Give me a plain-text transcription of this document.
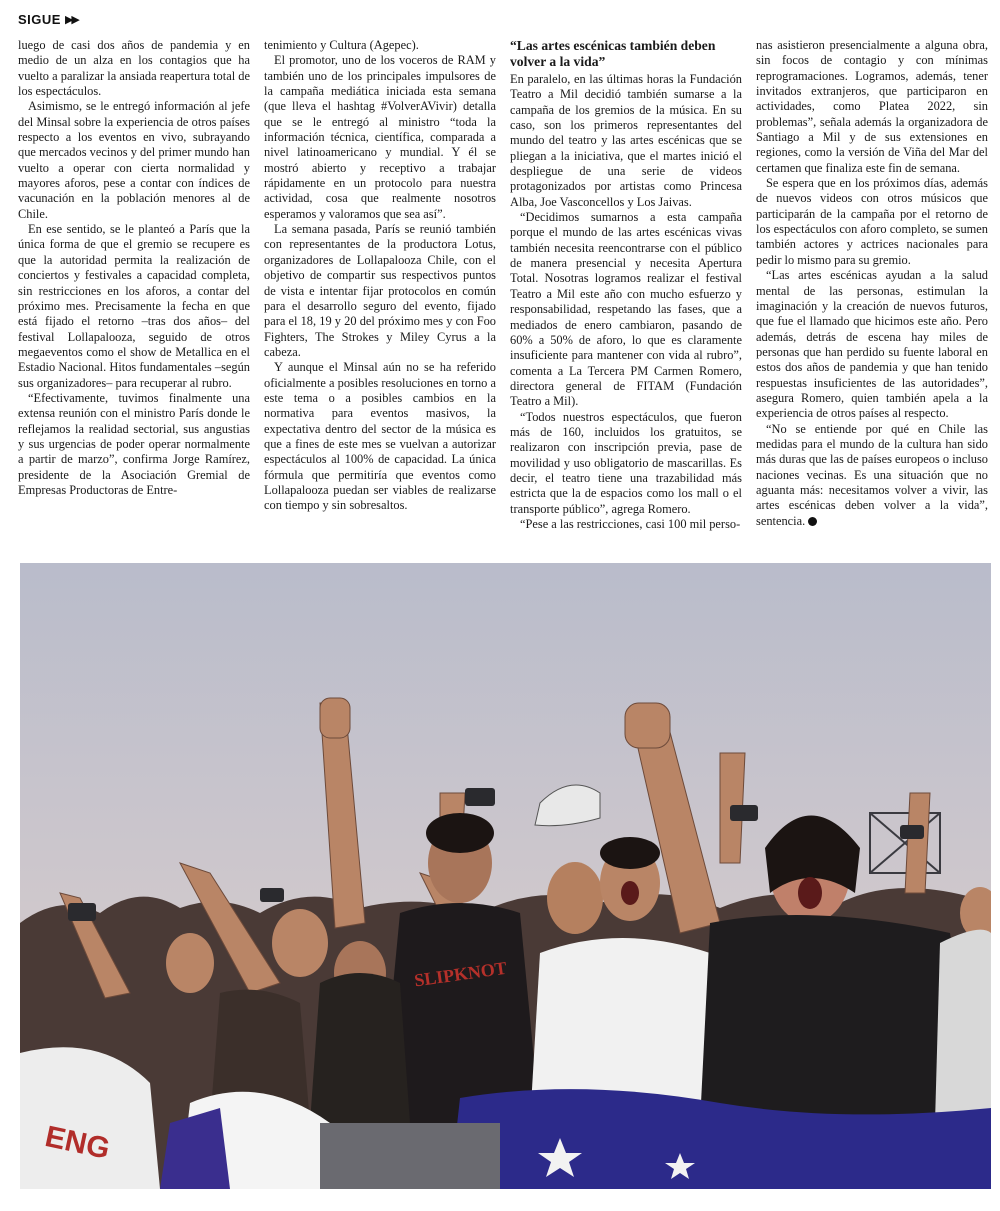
SIGUE ▶▶

luego de casi dos años de pandemia y en medio de un alza en los contagios que ha vuelto a paralizar la ansiada reapertura total de los espectáculos.

Asimismo, se le entregó información al jefe del Minsal sobre la experiencia de otros países respecto a los eventos en vivo, subrayando que mercados vecinos y del primer mundo han vuelto a operar con cierta normalidad y mayores aforos, pese a contar con índices de vacunación en la población menores al de Chile.

En ese sentido, se le planteó a París que la única forma de que el gremio se recupere es que la autoridad permita la realización de conciertos y festivales a capacidad completa, sin restricciones en los aforos, a contar del próximo mes. Precisamente la fecha en que está fijado el retorno –tras dos años– del festival Lollapalooza, seguido de otros megaeventos como el show de Metallica en el Estadio Nacional. Hitos fundamentales –según sus organizadores– para recuperar al rubro.

“Efectivamente, tuvimos finalmente una extensa reunión con el ministro París donde le reflejamos la realidad sectorial, sus angustias y sus urgencias de poder operar normalmente a partir de marzo”, confirma Jorge Ramírez, presidente de la Asociación Gremial de Empresas Productoras de Entre-

tenimiento y Cultura (Agepec).

El promotor, uno de los voceros de RAM y también uno de los principales impulsores de la campaña mediática iniciada esta semana (que lleva el hashtag #VolverAVivir) detalla que se le entregó al ministro “toda la información técnica, científica, comparada a nivel latinoamericano y mundial. Y él se mostró abierto y receptivo a trabajar rápidamente en un protocolo para nuestra actividad, cosa que realmente nosotros esperamos y valoramos que sea así”.

La semana pasada, París se reunió también con representantes de la productora Lotus, organizadores de Lollapalooza Chile, con el objetivo de compartir sus respectivos puntos de vista e intentar fijar protocolos en común para el desarrollo seguro del evento, fijado para el 18, 19 y 20 del próximo mes y con Foo Fighters, The Strokes y Miley Cyrus a la cabeza.

Y aunque el Minsal aún no se ha referido oficialmente a posibles resoluciones en torno a este tema o a posibles cambios en la normativa para eventos masivos, la expectativa dentro del sector de la música es que a fines de este mes se vuelvan a autorizar espectáculos al 100% de capacidad. La única fórmula que permitiría que eventos como Lollapalooza puedan ser viables de realizarse con tiempo y sin sobresaltos.

“Las artes escénicas también deben volver a la vida”

En paralelo, en las últimas horas la Fundación Teatro a Mil decidió también sumarse a la campaña de los gremios de la música. En su caso, son los primeros representantes del mundo del teatro y las artes escénicas que se pliegan a la iniciativa, que el martes inició el despliegue de una serie de videos protagonizados por artistas como Princesa Alba, Joe Vasconcellos y Los Jaivas.

“Decidimos sumarnos a esta campaña porque el mundo de las artes escénicas vivas también necesita reencontrarse con el público de manera presencial y necesita Apertura Total. Nosotras logramos realizar el festival Teatro a Mil este año con mucho esfuerzo y responsabilidad, respetando las fases, que a mediados de enero cambiaron, pasando de 60% a 50% de aforo, lo que es claramente insuficiente para mantener con vida al rubro”, comenta a La Tercera PM Carmen Romero, directora general de FITAM (Fundación Teatro a Mil).

“Todos nuestros espectáculos, que fueron más de 160, incluidos los gratuitos, se realizaron con inscripción previa, pase de movilidad y uso obligatorio de mascarillas. Es decir, el teatro tiene una trazabilidad más estricta que la de espacios como los mall o el transporte público”, agrega Romero.

“Pese a las restricciones, casi 100 mil perso-

nas asistieron presencialmente a alguna obra, sin focos de contagio y con mínimas reprogramaciones. Logramos, además, tener invitados extranjeros, que participaron en actividades, como Platea 2022, sin problemas”, señala además la organizadora de Santiago a Mil y de sus extensiones en regiones, como la versión de Viña del Mar del certamen que finaliza este fin de semana.

Se espera que en los próximos días, además de nuevos videos con otros músicos que participarán de la campaña por el retorno de los espectáculos con aforo completo, se sumen también actores y actrices nacionales para pedir lo mismo para su gremio.

“Las artes escénicas ayudan a la salud mental de las personas, estimulan la imaginación y la creación de nuevos futuros, que fue el llamado que hicimos este año. Pero además, detrás de escena hay miles de personas que han perdido su fuente laboral en estos dos años de pandemia y que han tenido respuestas insuficientes de las autoridades”, asegura Romero, quien también apela a la experiencia de otros países al respecto.

“No se entiende por qué en Chile las medidas para el mundo de la cultura han sido más duras que las de países europeos o incluso naciones vecinas. Es una situación que no aguanta más: necesitamos volver a vivir, las artes escénicas deben volver a la vida”, sentencia.

SLIPKNOT
ENG
